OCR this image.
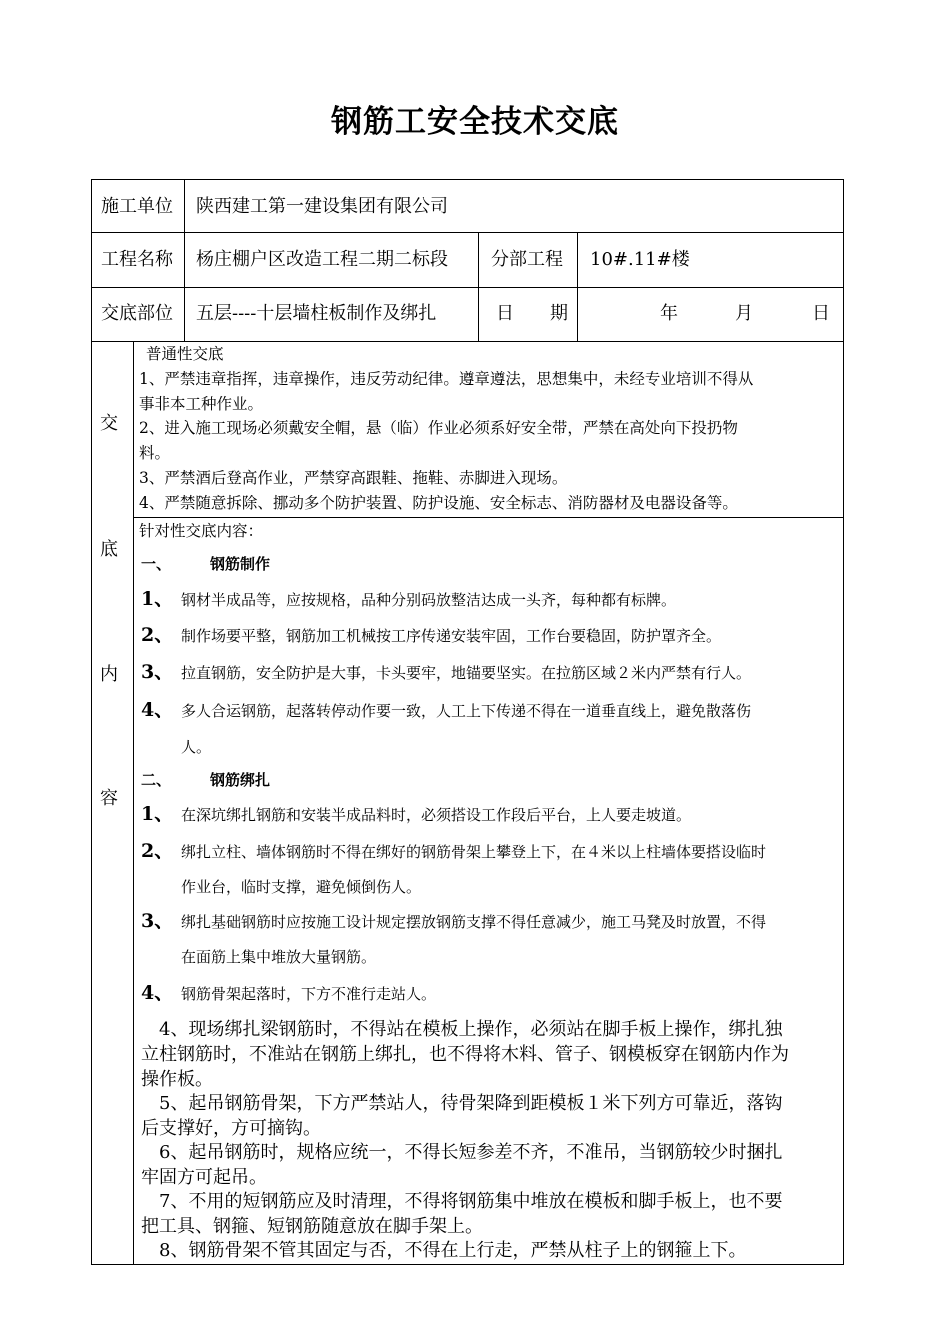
钢筋工安全技术交底
施工单位 陕西建工第一建设集团有限公司
工程名称 杨庄棚户区改造工程二期二标段 分部工程 10#.11#楼
交底部位 五层----十层墙柱板制作及绑扎	日　　期	年	月	日
交
底
内
容
普通性交底
1、严禁违章指挥，违章操作，违反劳动纪律。遵章遵法，思想集中，未经专业培训不得从
事非本工种作业。
2、进入施工现场必须戴安全帽，悬（临）作业必须系好安全带，严禁在高处向下投扔物
料。
3、严禁酒后登高作业，严禁穿高跟鞋、拖鞋、赤脚进入现场。
4、严禁随意拆除、挪动多个防护装置、防护设施、安全标志、消防器材及电器设备等。
针对性交底内容：
一、	钢筋制作
1、 钢材半成品等，应按规格，品种分别码放整洁达成一头齐，每种都有标牌。
2、 制作场要平整，钢筋加工机械按工序传递安装牢固，工作台要稳固，防护罩齐全。
3、 拉直钢筋，安全防护是大事，卡头要牢，地锚要坚实。在拉筋区域２米内严禁有行人。
4、 多人合运钢筋，起落转停动作要一致，人工上下传递不得在一道垂直线上，避免散落伤
人。
二、	钢筋绑扎
1、 在深坑绑扎钢筋和安装半成品料时，必须搭设工作段后平台，上人要走坡道。
2、 绑扎立柱、墙体钢筋时不得在绑好的钢筋骨架上攀登上下，在４米以上柱墙体要搭设临时
作业台，临时支撑，避免倾倒伤人。
3、 绑扎基础钢筋时应按施工设计规定摆放钢筋支撑不得任意减少，施工马凳及时放置，不得
在面筋上集中堆放大量钢筋。
4、 钢筋骨架起落时，下方不准行走站人。
　4、现场绑扎梁钢筋时，不得站在模板上操作，必须站在脚手板上操作，绑扎独
立柱钢筋时，不准站在钢筋上绑扎，也不得将木料、管子、钢模板穿在钢筋内作为
操作板。
　5、起吊钢筋骨架，下方严禁站人，待骨架降到距模板１米下列方可靠近，落钩
后支撑好，方可摘钩。
　6、起吊钢筋时，规格应统一，不得长短参差不齐，不准吊，当钢筋较少时捆扎
牢固方可起吊。
　7、不用的短钢筋应及时清理，不得将钢筋集中堆放在模板和脚手板上，也不要
把工具、钢箍、短钢筋随意放在脚手架上。
　8、钢筋骨架不管其固定与否，不得在上行走，严禁从柱子上的钢箍上下。
